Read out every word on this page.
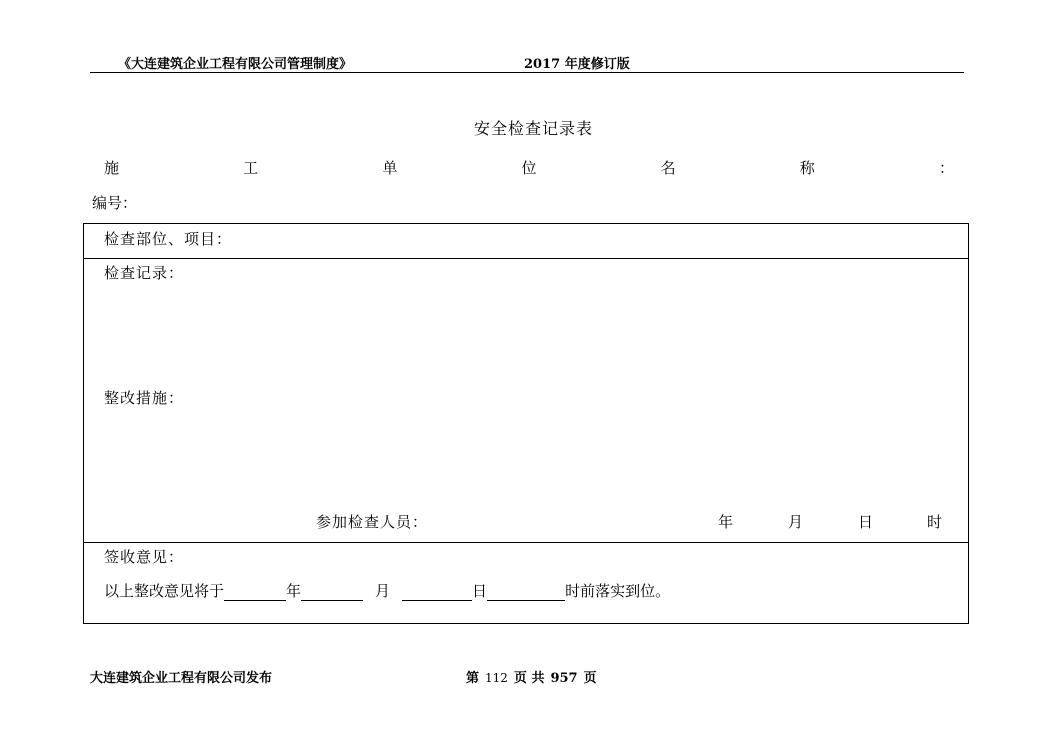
《大连建筑企业工程有限公司管理制度》	2017 年度修订版
安全检查记录表
施	工	单	位	名	称	：
编号：
检查部位、项目：
检查记录：
整改措施：
参加检查人员：	年	月	日	时
签收意见：
以上整改意见将于	年	月	日	时前落实到位。
大连建筑企业工程有限公司发布	第 112 页 共 957 页
